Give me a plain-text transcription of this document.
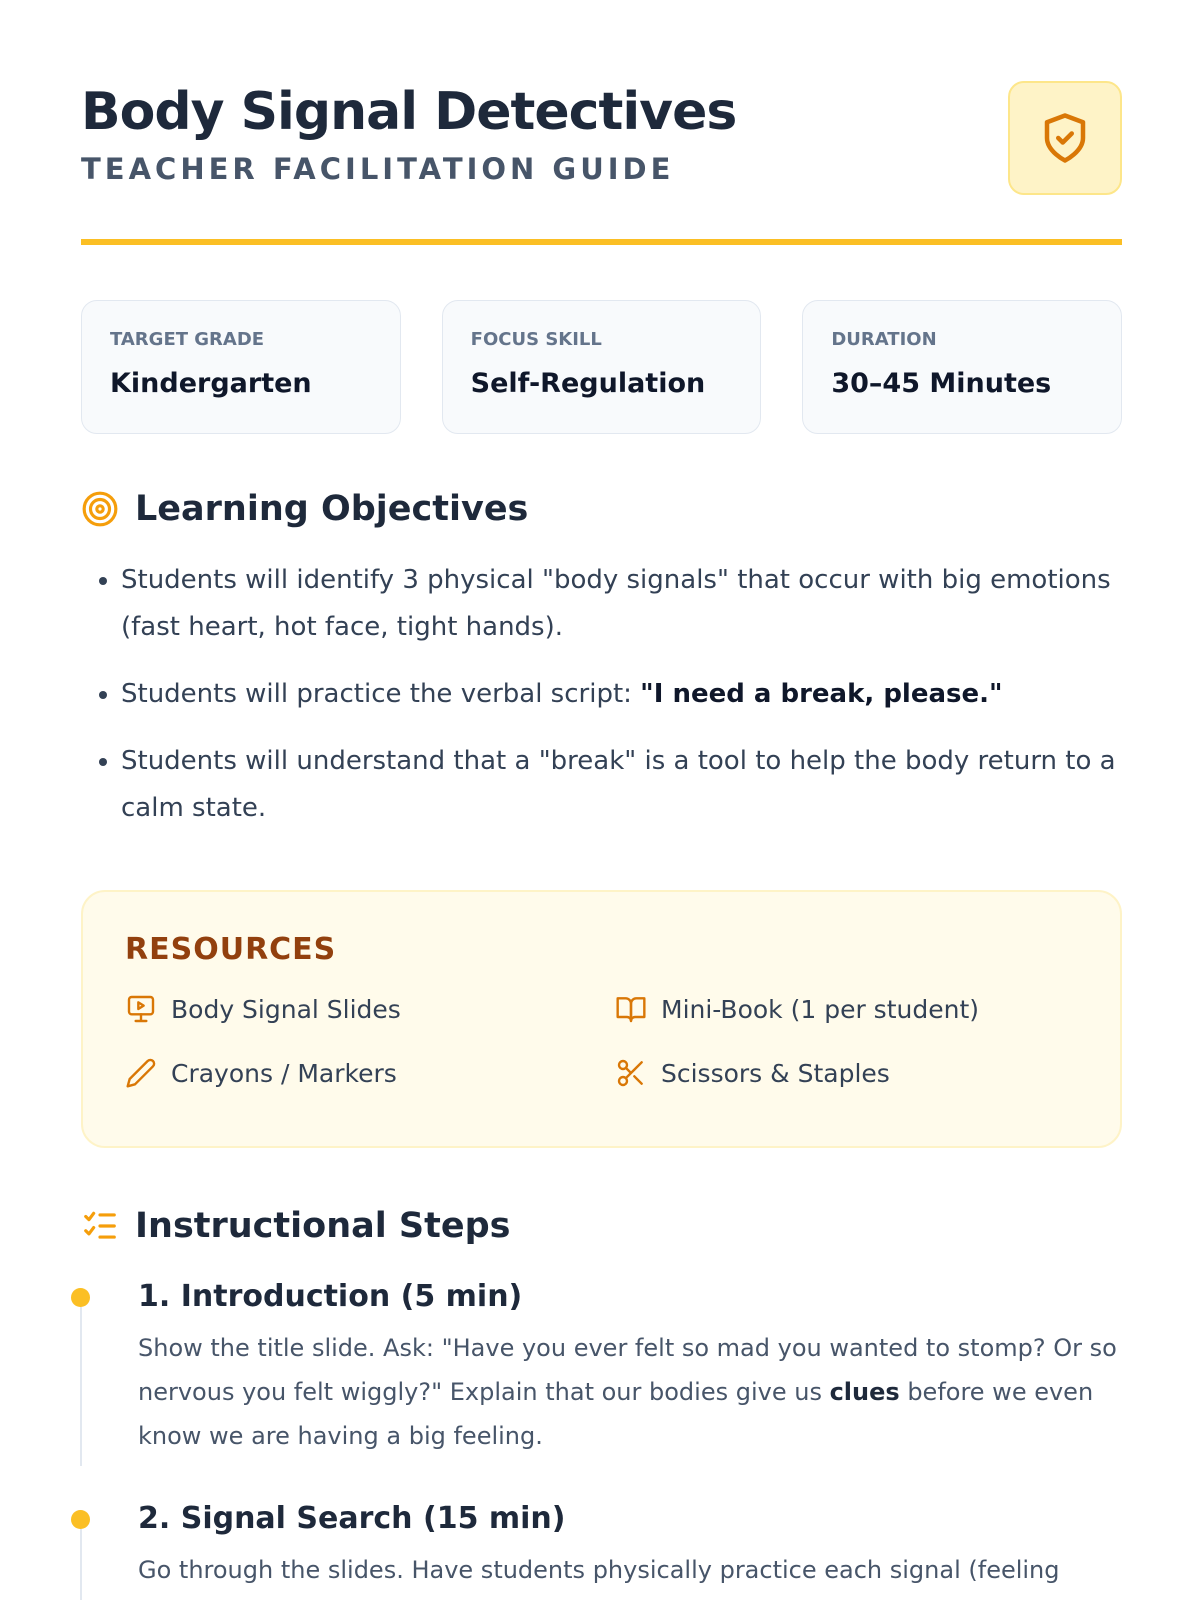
Body Signal Detectives
TEACHER FACILITATION GUIDE
TARGET GRADE
Kindergarten
FOCUS SKILL
Self-Regulation
DURATION
30–45 Minutes
Learning Objectives
• Students will identify 3 physical "body signals" that occur with big emotions (fast heart, hot face, tight hands).
• Students will practice the verbal script: "I need a break, please."
• Students will understand that a "break" is a tool to help the body return to a calm state.
RESOURCES
Body Signal Slides	Mini-Book (1 per student)
Crayons / Markers	Scissors & Staples
Instructional Steps
1. Introduction (5 min)

Show the title slide. Ask: "Have you ever felt so mad you wanted to stomp? Or so nervous you felt wiggly?" Explain that our bodies give us clues before we even know we are having a big feeling.

2. Signal Search (15 min)

Go through the slides. Have students physically practice each signal (feeling
